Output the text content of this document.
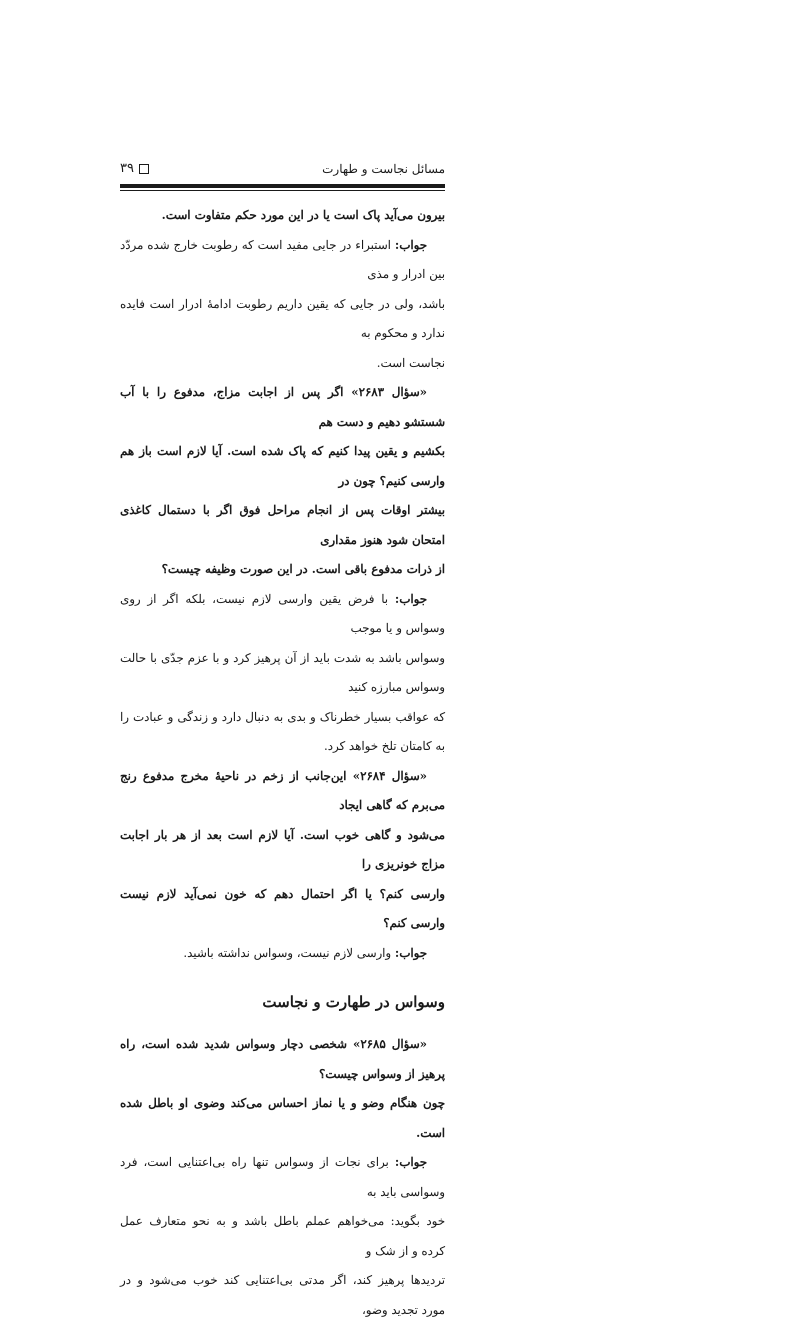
مسائل نجاست و طهارت
۳۹

بیرون می‌آید پاک است یا در این مورد حکم متفاوت است.

جواب: استبراء در جایی مفید است که رطوبت خارج شده مردّد بین ادرار و مذی
باشد، ولی در جایی که یقین داریم رطوبت ادامهٔ ادرار است فایده ندارد و محکوم به
نجاست است.

«سؤال ۲۶۸۳» اگر پس از اجابت مزاج، مدفوع را با آب شستشو دهیم و دست هم
بکشیم و یقین پیدا کنیم که پاک شده است. آیا لازم است باز هم وارسی کنیم؟ چون در
بیشتر اوقات پس از انجام مراحل فوق اگر با دستمال کاغذی امتحان شود هنوز مقداری
از ذرات مدفوع باقی است. در این صورت وظیفه چیست؟

جواب: با فرض یقین وارسی لازم نیست، بلکه اگر از روی وسواس و یا موجب
وسواس باشد به شدت باید از آن پرهیز کرد و با عزم جدّی با حالت وسواس مبارزه کنید
که عواقب بسیار خطرناک و بدی به دنبال دارد و زندگی و عبادت را به کامتان تلخ خواهد کرد.

«سؤال ۲۶۸۴» این‌جانب از زخم در ناحیهٔ مخرج مدفوع رنج می‌برم که گاهی ایجاد
می‌شود و گاهی خوب است. آیا لازم است بعد از هر بار اجابت مزاج خونریزی را
وارسی کنم؟ یا اگر احتمال دهم که خون نمی‌آید لازم نیست وارسی کنم؟

جواب: وارسی لازم نیست، وسواس نداشته باشید.

وسواس در طهارت و نجاست

«سؤال ۲۶۸۵» شخصی دچار وسواس شدید شده است، راه پرهیز از وسواس چیست؟
چون هنگام وضو و یا نماز احساس می‌کند وضوی او باطل شده است.

جواب: برای نجات از وسواس تنها راه بی‌اعتنایی است، فرد وسواسی باید به
خود بگوید: می‌خواهم عملم باطل باشد و به نحو متعارف عمل کرده و از شک و
تردیدها پرهیز کند، اگر مدتی بی‌اعتنایی کند خوب می‌شود و در مورد تجدید وضو،
